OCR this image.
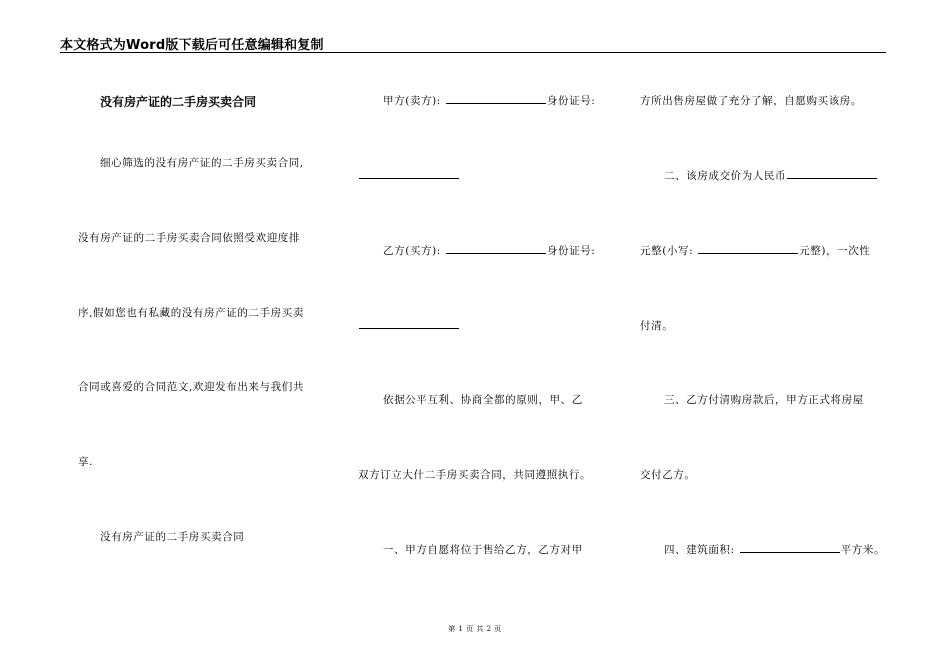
本文格式为Word版下载后可任意编辑和复制
没有房产证的二手房买卖合同
细心筛选的没有房产证的二手房买卖合同,
没有房产证的二手房买卖合同依照受欢迎度排
序,假如您也有私藏的没有房产证的二手房买卖
合同或喜爱的合同范文,欢迎发布出来与我们共
享.
没有房产证的二手房买卖合同
甲方(卖方):	身份证号:
乙方(买方):	身份证号:
依据公平互利、协商全都的原则，甲、乙
双方订立大什二手房买卖合同，共同遵照执行。
一、甲方自愿将位于售给乙方，乙方对甲
方所出售房屋做了充分了解，自愿购买该房。
二、该房成交价为人民币
元整(小写:	元整)，一次性
付清。
三、乙方付清购房款后，甲方正式将房屋
交付乙方。
四、建筑面积:	平方米。
第 1 页 共 2 页
